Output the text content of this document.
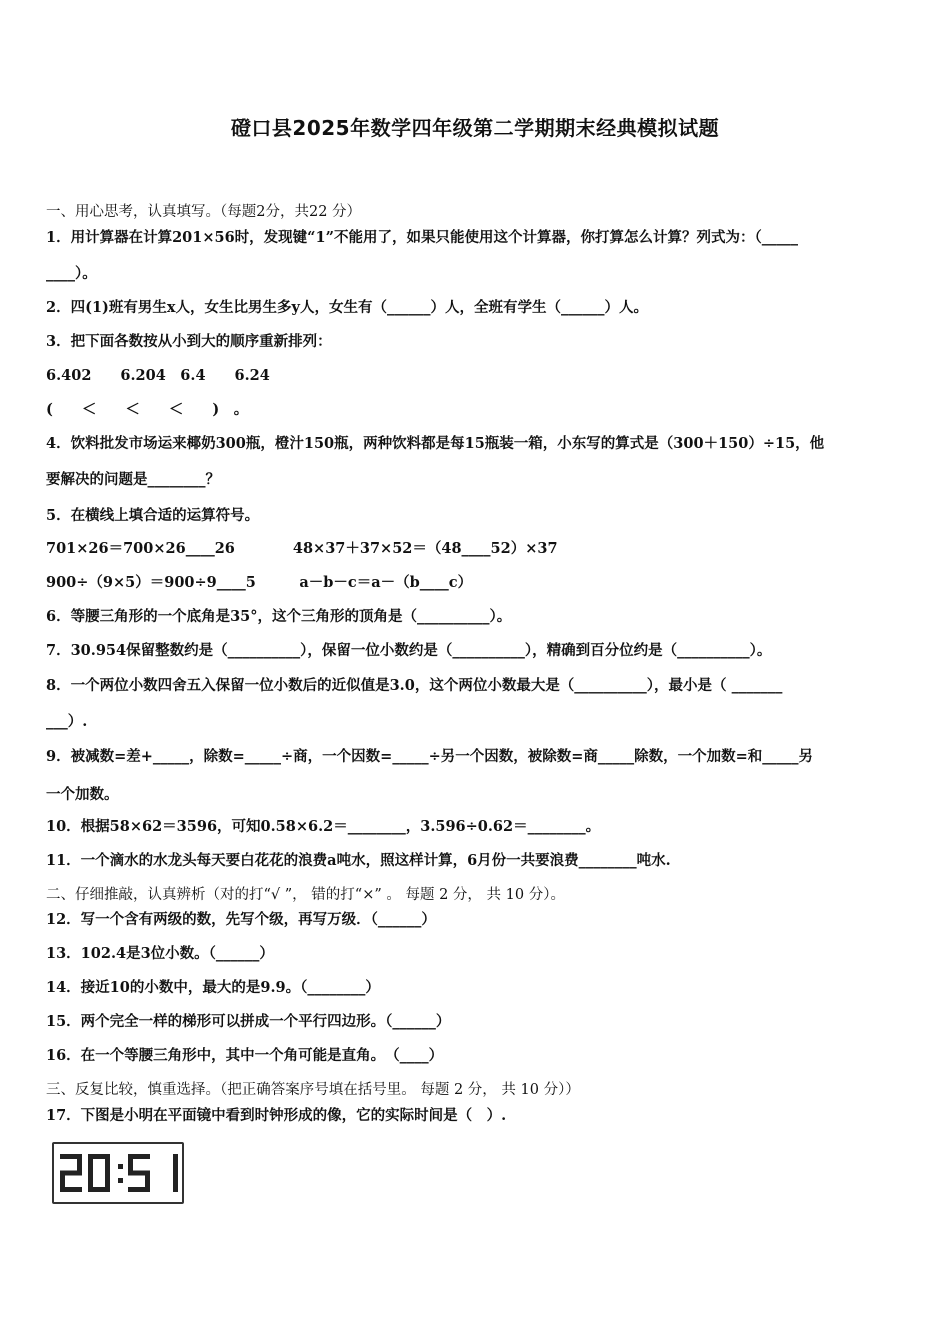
磴口县2025年数学四年级第二学期期末经典模拟试题
一、用心思考，认真填写。（每题2分，共22 分）
1．用计算器在计算201×56时，发现键“1”不能用了，如果只能使用这个计算器，你打算怎么计算？列式为：（_____
____）。
2．四(1)班有男生x人，女生比男生多y人，女生有（______）人，全班有学生（______）人。
3．把下面各数按从小到大的顺序重新排列：
6.402　　6.204　6.4　　6.24
(　　＜　　＜　　＜　　)　。
4．饮料批发市场运来椰奶300瓶，橙汁150瓶，两种饮料都是每15瓶装一箱，小东写的算式是（300＋150）÷15，他
要解决的问题是________？
5．在横线上填合适的运算符号。
701×26＝700×26____26　　　　48×37＋37×52＝（48____52）×37
900÷（9×5）＝900÷9____5　　　a－b－c＝a－（b____c）
6．等腰三角形的一个底角是35°，这个三角形的顶角是（__________）。
7．30.954保留整数约是（__________），保留一位小数约是（__________），精确到百分位约是（__________）。
8．一个两位小数四舍五入保留一位小数后的近似值是3.0，这个两位小数最大是（__________），最小是（ _______
___）.
9．被减数=差+_____，除数=_____÷商，一个因数=_____÷另一个因数，被除数=商_____除数，一个加数=和_____另
一个加数。
10．根据58×62＝3596，可知0.58×6.2＝________，3.596÷0.62＝________。
11．一个滴水的水龙头每天要白花花的浪费a吨水，照这样计算，6月份一共要浪费________吨水.
二、仔细推敲，认真辨析（对的打“√ ”， 错的打“×” 。 每题 2 分， 共 10 分）。
12．写一个含有两级的数，先写个级，再写万级．（______）
13．102.4是3位小数。（______）
14．接近10的小数中，最大的是9.9。（________）
15．两个完全一样的梯形可以拼成一个平行四边形。（______）
16．在一个等腰三角形中，其中一个角可能是直角。　（____）
三、反复比较，慎重选择。（把正确答案序号填在括号里。 每题 2 分， 共 10 分））
17．下图是小明在平面镜中看到时钟形成的像，它的实际时间是（　）.
